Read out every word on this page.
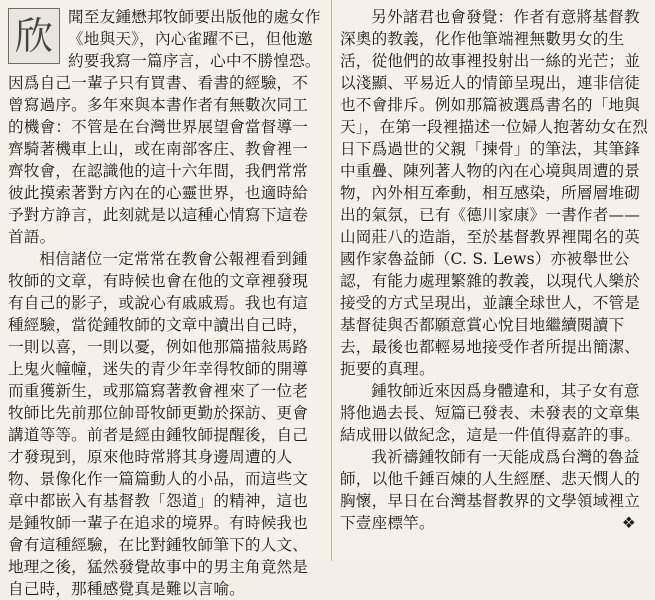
欣 聞至友鍾懋邦牧師要出版他的處女作《地與天》，內心雀躍不已，但他邀約要我寫一篇序言，心中不勝惶恐。因爲自己一輩子只有買書、看書的經驗，不曾寫過序。多年來與本書作者有無數次同工的機會：不管是在台灣世界展望會當督導一齊騎著機車上山，或在南部客庄、教會裡一齊牧會，在認識他的這十六年間，我們常常彼此摸索著對方內在的心靈世界，也適時給予對方諍言，此刻就是以這種心情寫下這卷首語。

相信諸位一定常常在教會公報裡看到鍾牧師的文章，有時候也會在他的文章裡發現有自己的影子，或說心有戚戚焉。我也有這種經驗，當從鍾牧師的文章中讀出自己時，一則以喜，一則以憂，例如他那篇描敍馬路上鬼火幢幢，迷失的青少年幸得牧師的開導而重獲新生，或那篇寫著教會裡來了一位老牧師比先前那位帥哥牧師更勤於探訪、更會講道等等。前者是經由鍾牧師提醒後，自己才發現到，原來他時常將其身邊周遭的人物、景像化作一篇篇動人的小品，而這些文章中都嵌入有基督教「怨道」的精神，這也是鍾牧師一輩子在追求的境界。有時候我也會有這種經驗，在比對鍾牧師筆下的人文、地理之後，猛然發覺故事中的男主角竟然是自己時，那種感覺真是難以言喻。

另外諸君也會發覺：作者有意將基督教深奧的教義，化作他筆端裡無數男女的生活，從他們的故事裡投射出一絲的光芒；並以淺顯、平易近人的情節呈現出，連非信徒也不會排斥。例如那篇被選爲書名的「地與天」，在第一段裡描述一位婦人抱著幼女在烈日下爲過世的父親「揀骨」的筆法，其筆鋒中重疊、陳列著人物的內在心境與周遭的景物，內外相互牽動，相互感染，所層層堆砌出的氣氛，已有《德川家康》一書作者——山岡莊八的造詣，至於基督教界裡聞名的英國作家魯益師（C. S. Lews）亦被舉世公認，有能力處理繁雜的教義，以現代人樂於接受的方式呈現出，並讓全球世人，不管是基督徒與否都願意賞心悅目地繼續閱讀下去，最後也都輕易地接受作者所提出簡潔、扼要的真理。

鍾牧師近來因爲身體違和，其子女有意將他過去長、短篇已發表、未發表的文章集結成冊以做紀念，這是一件值得嘉許的事。

我祈禱鍾牧師有一天能成爲台灣的魯益師，以他千錘百煉的人生經歷、悲天憫人的胸懷，早日在台灣基督教界的文學領域裡立下壹座標竿。	❖
